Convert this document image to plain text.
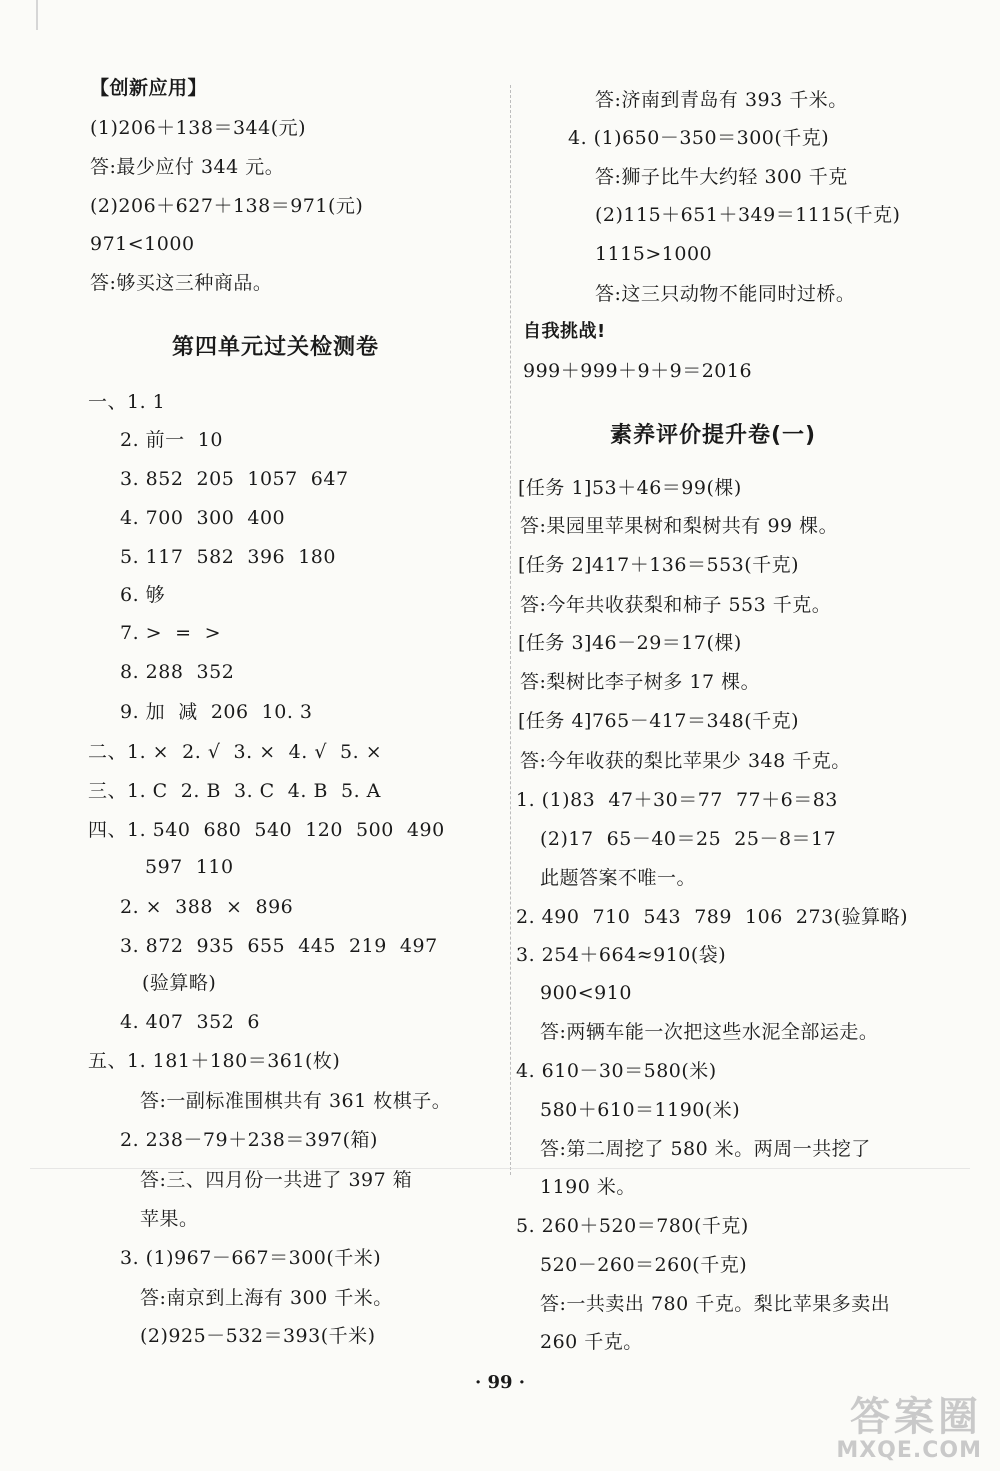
【创新应用】
(1)206＋138＝344(元)
答:最少应付 344 元。
(2)206＋627＋138＝971(元)
971<1000
答:够买这三种商品。
第四单元过关检测卷
一、1. 1
2. 前一  10
3. 852  205  1057  647
4. 700  300  400
5. 117  582  396  180
6. 够
7. >  =  >
8. 288  352
9. 加  减  206  10. 3
二、1. ×  2. √  3. ×  4. √  5. ×
三、1. C  2. B  3. C  4. B  5. A
四、1. 540  680  540  120  500  490
597  110
2. ×  388  ×  896
3. 872  935  655  445  219  497
(验算略)
4. 407  352  6
五、1. 181＋180＝361(枚)
答:一副标准围棋共有 361 枚棋子。
2. 238－79＋238＝397(箱)
答:三、四月份一共进了 397 箱
苹果。
3. (1)967－667＝300(千米)
答:南京到上海有 300 千米。
(2)925－532＝393(千米)
答:济南到青岛有 393 千米。
4. (1)650－350＝300(千克)
答:狮子比牛大约轻 300 千克
(2)115＋651＋349＝1115(千克)
1115>1000
答:这三只动物不能同时过桥。
自我挑战!
999＋999＋9＋9＝2016
素养评价提升卷(一)
[任务 1]53＋46＝99(棵)
答:果园里苹果树和梨树共有 99 棵。
[任务 2]417＋136＝553(千克)
答:今年共收获梨和柿子 553 千克。
[任务 3]46－29＝17(棵)
答:梨树比李子树多 17 棵。
[任务 4]765－417＝348(千克)
答:今年收获的梨比苹果少 348 千克。
1. (1)83  47＋30＝77  77＋6＝83
(2)17  65－40＝25  25－8＝17
此题答案不唯一。
2. 490  710  543  789  106  273(验算略)
3. 254＋664≈910(袋)
900<910
答:两辆车能一次把这些水泥全部运走。
4. 610－30＝580(米)
580＋610＝1190(米)
答:第二周挖了 580 米。两周一共挖了
1190 米。
5. 260＋520＝780(千克)
520－260＝260(千克)
答:一共卖出 780 千克。梨比苹果多卖出
260 千克。
· 99 ·
答案圈
MXQE.COM
